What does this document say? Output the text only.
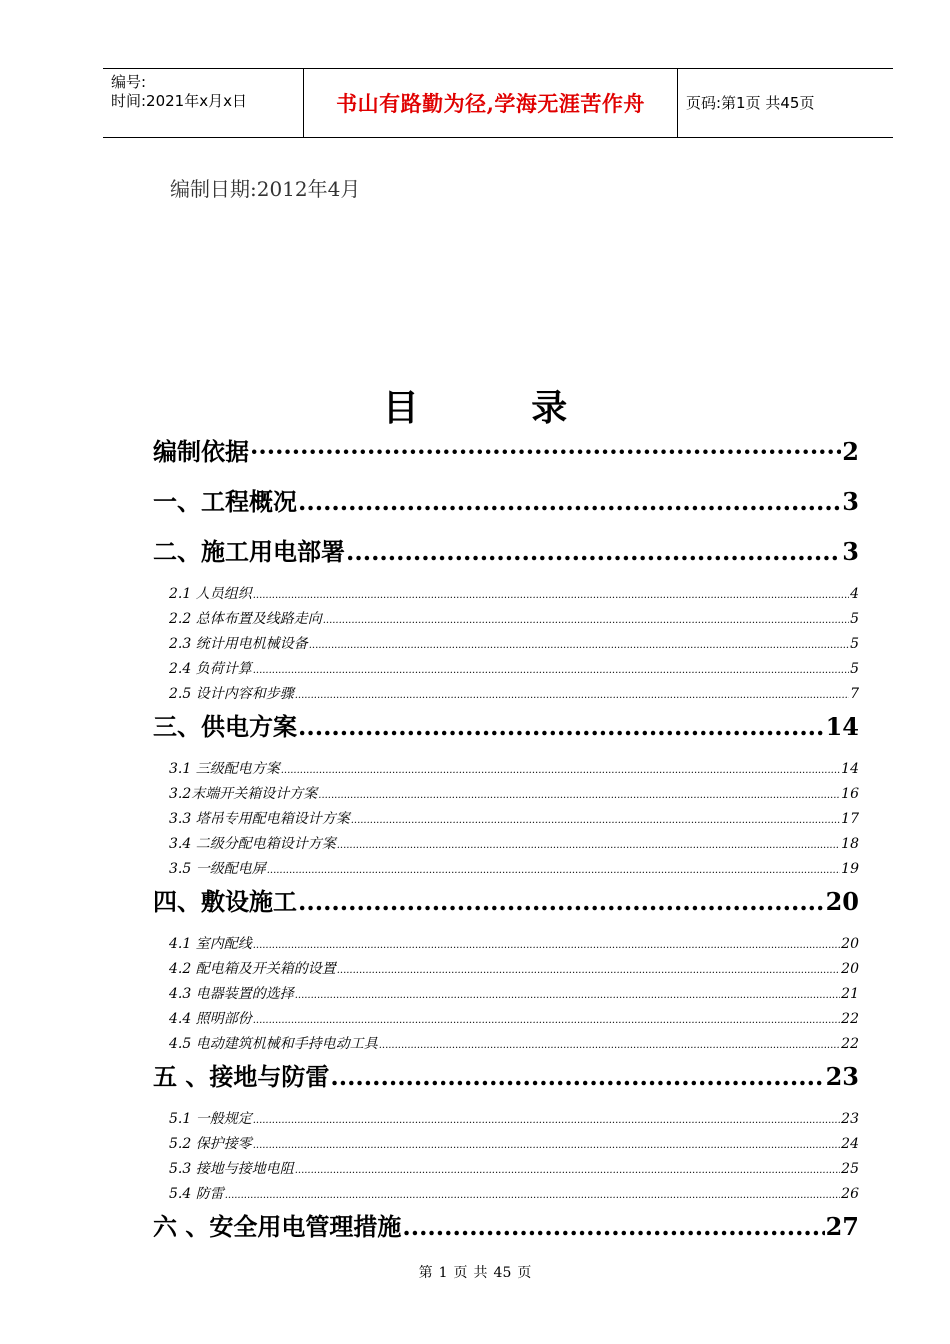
编号:
时间:2021年x月x日	书山有路勤为径,学海无涯苦作舟	页码:第1页 共45页
编制日期:2012年4月
目 录
编制依据 ·····	2
一、工程概况 .....	3
二、施工用电部署 .....	3
2.1 人员组织 .....	4
2.2 总体布置及线路走向 .....	5
2.3 统计用电机械设备 .....	5
2.4 负荷计算 .....	5
2.5 设计内容和步骤 .....	7
三、供电方案 .....	14
3.1 三级配电方案 .....	14
3.2末端开关箱设计方案 .....	16
3.3 塔吊专用配电箱设计方案 .....	17
3.4 二级分配电箱设计方案 .....	18
3.5 一级配电屏 .....	19
四、敷设施工 .....	20
4.1 室内配线 .....	20
4.2 配电箱及开关箱的设置 .....	20
4.3 电器装置的选择 .....	21
4.4 照明部份 .....	22
4.5 电动建筑机械和手持电动工具 .....	22
五 、接地与防雷 .....	23
5.1 一般规定 .....	23
5.2 保护接零 .....	24
5.3 接地与接地电阻 .....	25
5.4 防雷 .....	26
六 、安全用电管理措施 .....	27
第 1 页 共 45 页
